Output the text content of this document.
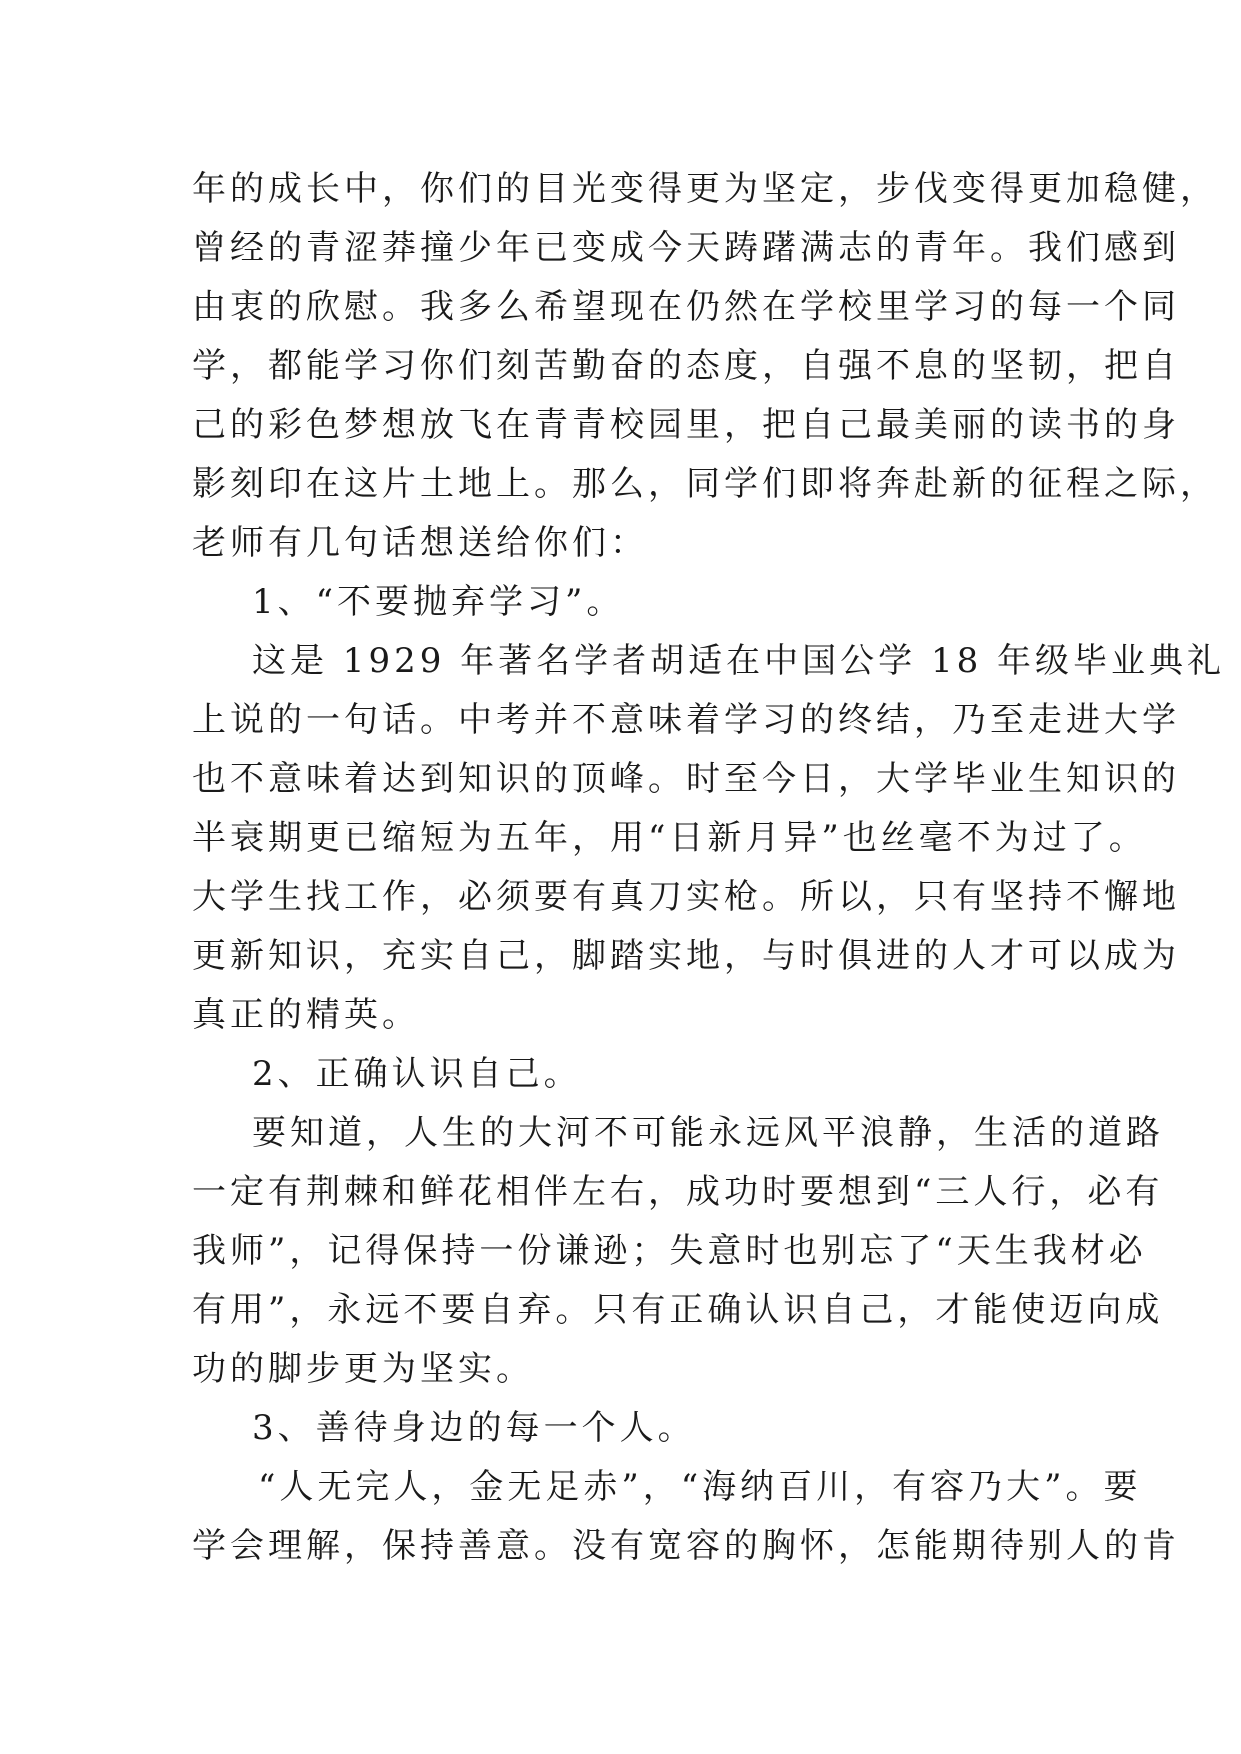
年的成长中，你们的目光变得更为坚定，步伐变得更加稳健，
曾经的青涩莽撞少年已变成今天踌躇满志的青年。我们感到
由衷的欣慰。我多么希望现在仍然在学校里学习的每一个同
学，都能学习你们刻苦勤奋的态度，自强不息的坚韧，把自
己的彩色梦想放飞在青青校园里，把自己最美丽的读书的身
影刻印在这片土地上。那么，同学们即将奔赴新的征程之际，
老师有几句话想送给你们：
1、“不要抛弃学习”。
这是 1929 年著名学者胡适在中国公学 18 年级毕业典礼
上说的一句话。中考并不意味着学习的终结，乃至走进大学
也不意味着达到知识的顶峰。时至今日，大学毕业生知识的
半衰期更已缩短为五年，用“日新月异”也丝毫不为过了。
大学生找工作，必须要有真刀实枪。所以，只有坚持不懈地
更新知识，充实自己，脚踏实地，与时俱进的人才可以成为
真正的精英。
2、正确认识自己。
要知道，人生的大河不可能永远风平浪静，生活的道路
一定有荆棘和鲜花相伴左右，成功时要想到“三人行，必有
我师”，记得保持一份谦逊；失意时也别忘了“天生我材必
有用”，永远不要自弃。只有正确认识自己，才能使迈向成
功的脚步更为坚实。
3、善待身边的每一个人。
“人无完人，金无足赤”，“海纳百川，有容乃大”。要
学会理解，保持善意。没有宽容的胸怀，怎能期待别人的肯
